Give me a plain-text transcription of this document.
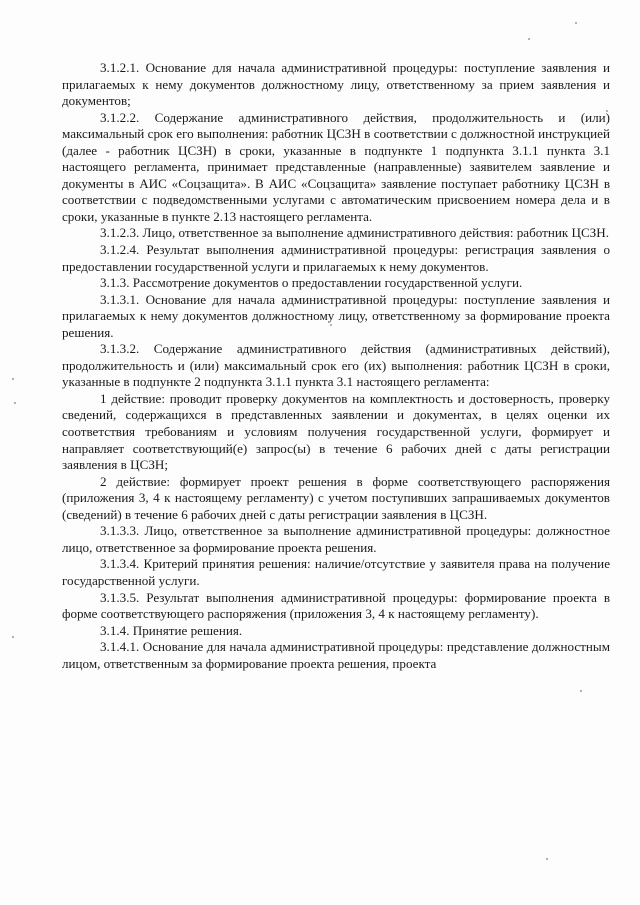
3.1.2.1. Основание для начала административной процедуры: поступление заявления и прилагаемых к нему документов должностному лицу, ответственному за прием заявления и документов;

3.1.2.2. Содержание административного действия, продолжительность и (или) максимальный срок его выполнения: работник ЦСЗН в соответствии с должностной инструкцией (далее - работник ЦСЗН) в сроки, указанные в подпункте 1 подпункта 3.1.1 пункта 3.1 настоящего регламента, принимает представленные (направленные) заявителем заявление и документы в АИС «Соцзащита». В АИС «Соцзащита» заявление поступает работнику ЦСЗН в соответствии с подведомственными услугами с автоматическим присвоением номера дела и в сроки, указанные в пункте 2.13 настоящего регламента.

3.1.2.3. Лицо, ответственное за выполнение административного действия: работник ЦСЗН.

3.1.2.4. Результат выполнения административной процедуры: регистрация заявления о предоставлении государственной услуги и прилагаемых к нему документов.

3.1.3. Рассмотрение документов о предоставлении государственной услуги.

3.1.3.1. Основание для начала административной процедуры: поступление заявления и прилагаемых к нему документов должностному лицу, ответственному за формирование проекта решения.

3.1.3.2. Содержание административного действия (административных действий), продолжительность и (или) максимальный срок его (их) выполнения: работник ЦСЗН в сроки, указанные в подпункте 2 подпункта 3.1.1 пункта 3.1 настоящего регламента:

1 действие: проводит проверку документов на комплектность и достоверность, проверку сведений, содержащихся в представленных заявлении и документах, в целях оценки их соответствия требованиям и условиям получения государственной услуги, формирует и направляет соответствующий(е) запрос(ы) в течение 6 рабочих дней с даты регистрации заявления в ЦСЗН;

2 действие: формирует проект решения в форме соответствующего распоряжения (приложения 3, 4 к настоящему регламенту) с учетом поступивших запрашиваемых документов (сведений) в течение 6 рабочих дней с даты регистрации заявления в ЦСЗН.

3.1.3.3. Лицо, ответственное за выполнение административной процедуры: должностное лицо, ответственное за формирование проекта решения.

3.1.3.4. Критерий принятия решения: наличие/отсутствие у заявителя права на получение государственной услуги.

3.1.3.5. Результат выполнения административной процедуры: формирование проекта в форме соответствующего распоряжения (приложения 3, 4 к настоящему регламенту).

3.1.4. Принятие решения.

3.1.4.1. Основание для начала административной процедуры: представление должностным лицом, ответственным за формирование проекта решения, проекта
